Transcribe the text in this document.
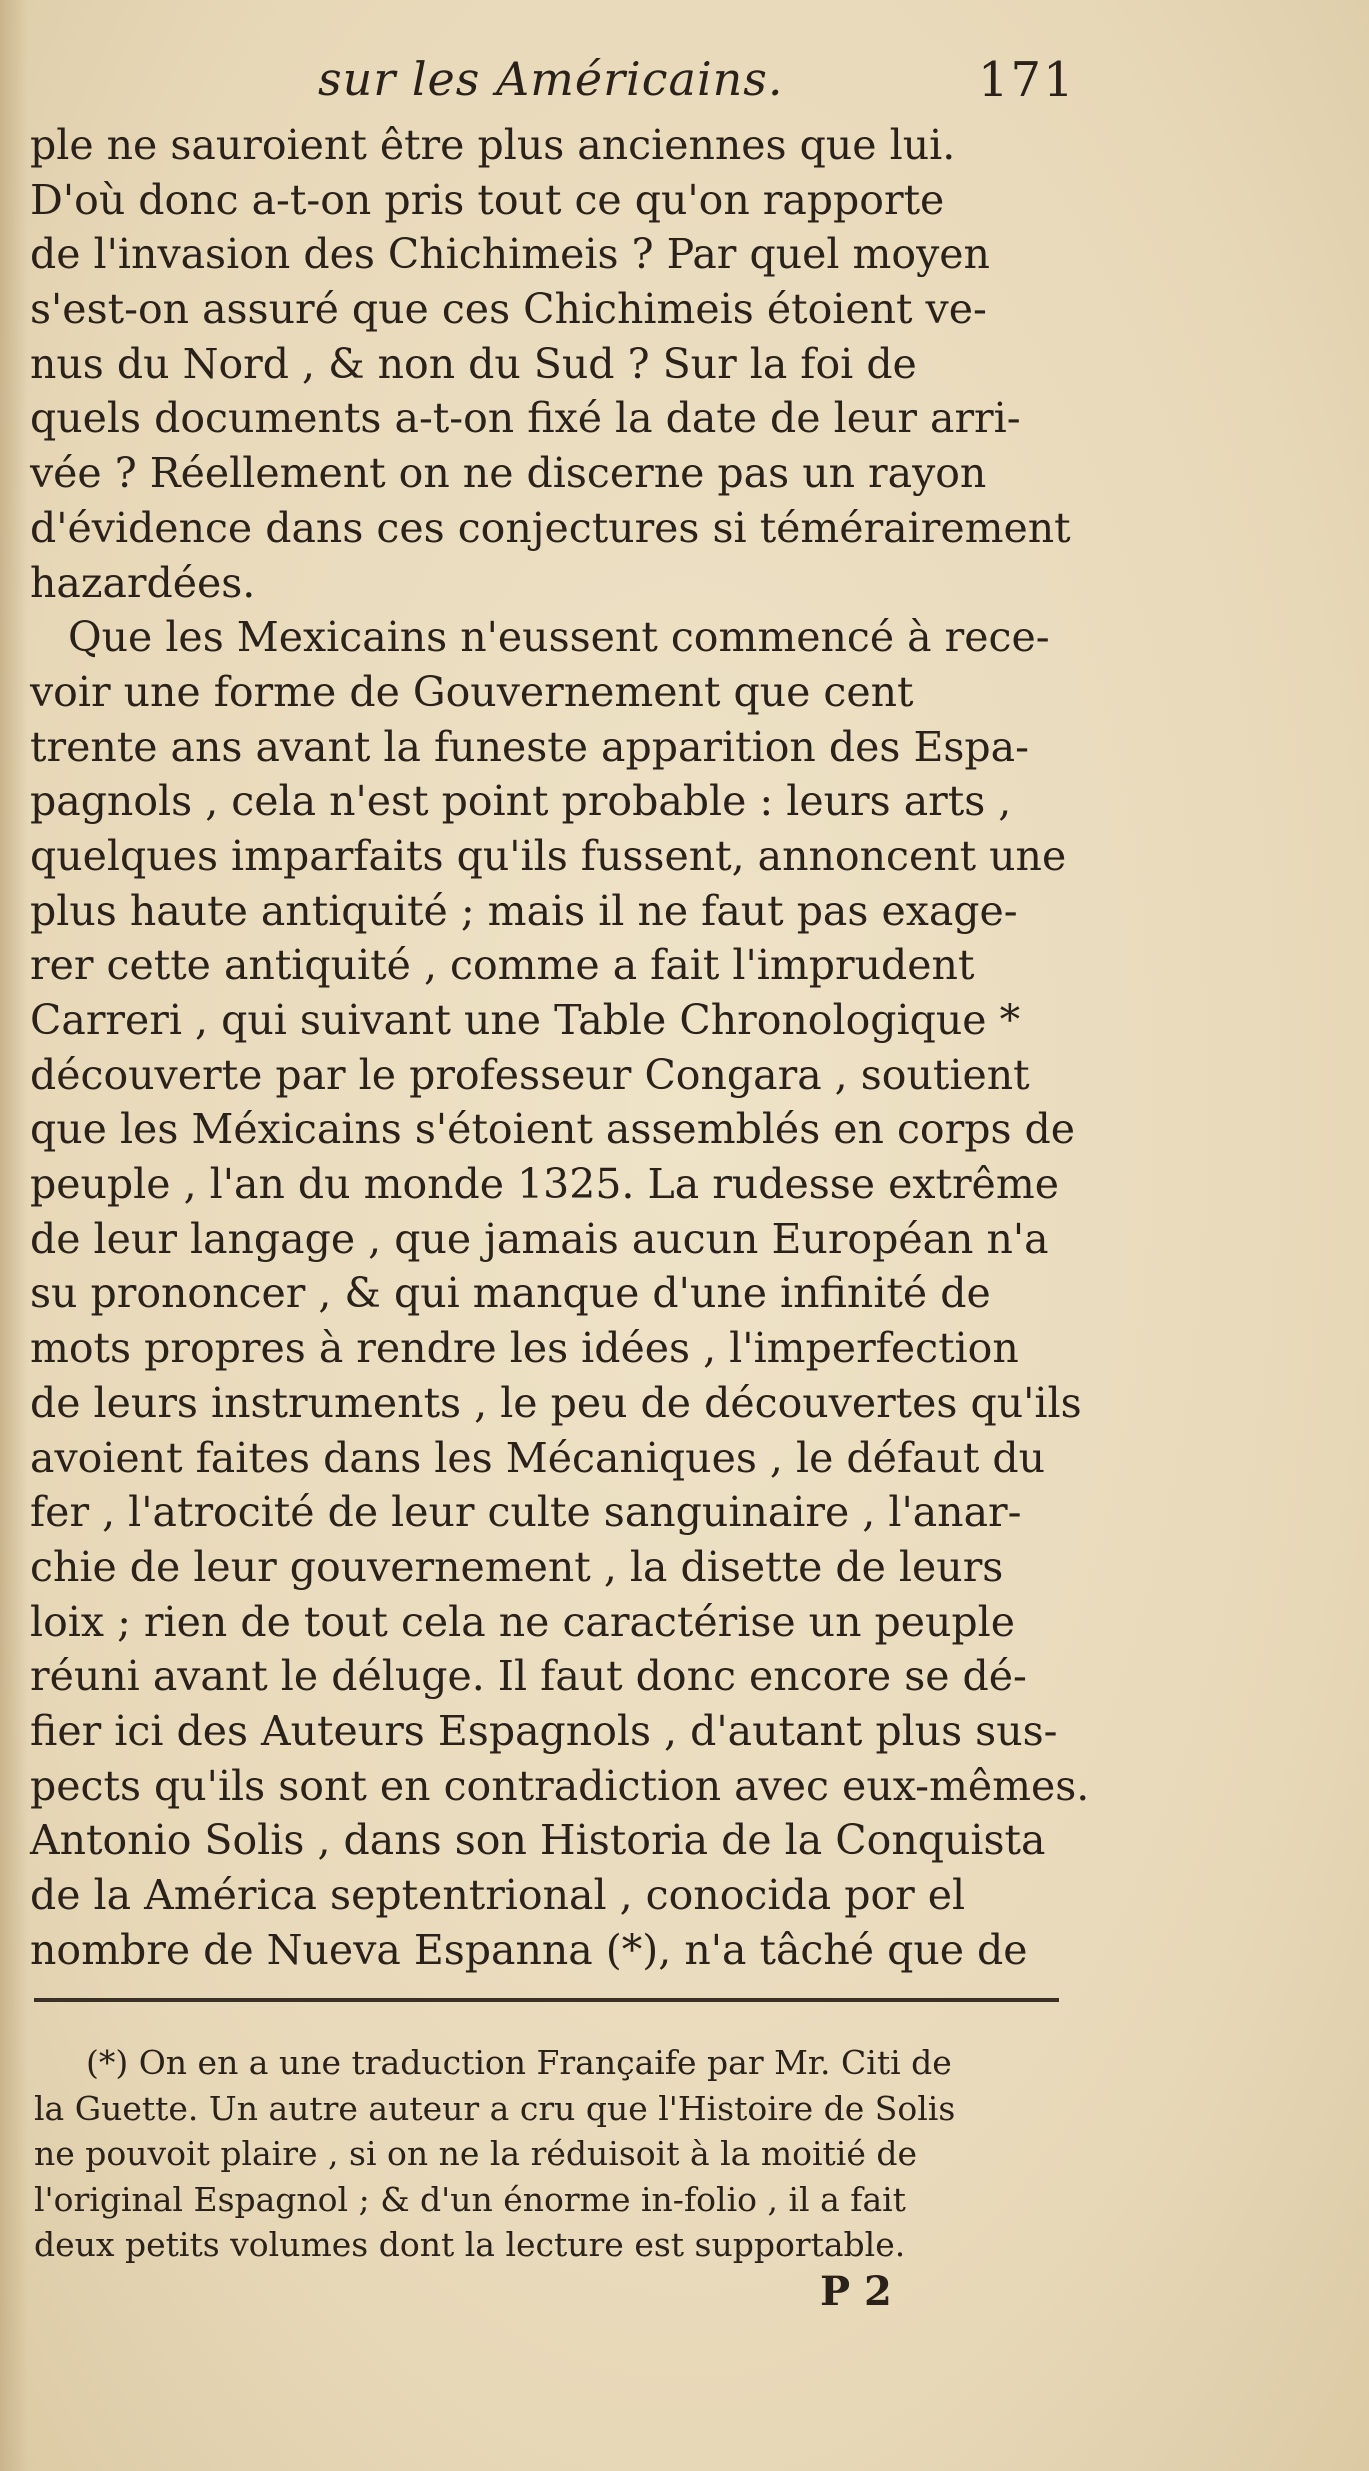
sur les Américains.	171
ple ne sauroient être plus anciennes que lui.
D'où donc a-t-on pris tout ce qu'on rapporte
de l'invasion des Chichimeis ? Par quel moyen
s'est-on assuré que ces Chichimeis étoient ve-
nus du Nord , & non du Sud ? Sur la foi de
quels documents a-t-on fixé la date de leur arri-
vée ? Réellement on ne discerne pas un rayon
d'évidence dans ces conjectures si témérairement
hazardées.
Que les Mexicains n'eussent commencé à rece-
voir une forme de Gouvernement que cent
trente ans avant la funeste apparition des Espa-
pagnols , cela n'est point probable : leurs arts ,
quelques imparfaits qu'ils fussent, annoncent une
plus haute antiquité ; mais il ne faut pas exage-
rer cette antiquité , comme a fait l'imprudent
Carreri , qui suivant une Table Chronologique *
découverte par le professeur Congara , soutient
que les Méxicains s'étoient assemblés en corps de
peuple , l'an du monde 1325. La rudesse extrême
de leur langage , que jamais aucun Européan n'a
su prononcer , & qui manque d'une infinité de
mots propres à rendre les idées , l'imperfection
de leurs instruments , le peu de découvertes qu'ils
avoient faites dans les Mécaniques , le défaut du
fer , l'atrocité de leur culte sanguinaire , l'anar-
chie de leur gouvernement , la disette de leurs
loix ; rien de tout cela ne caractérise un peuple
réuni avant le déluge. Il faut donc encore se dé-
fier ici des Auteurs Espagnols , d'autant plus sus-
pects qu'ils sont en contradiction avec eux-mêmes.
Antonio Solis , dans son Historia de la Conquista
de la América septentrional , conocida por el
nombre de Nueva Espanna (*), n'a tâché que de
(*) On en a une traduction Françaife par Mr. Citi de
la Guette. Un autre auteur a cru que l'Histoire de Solis
ne pouvoit plaire , si on ne la réduisoit à la moitié de
l'original Espagnol ; & d'un énorme in-folio , il a fait
deux petits volumes dont la lecture est supportable.
P 2
